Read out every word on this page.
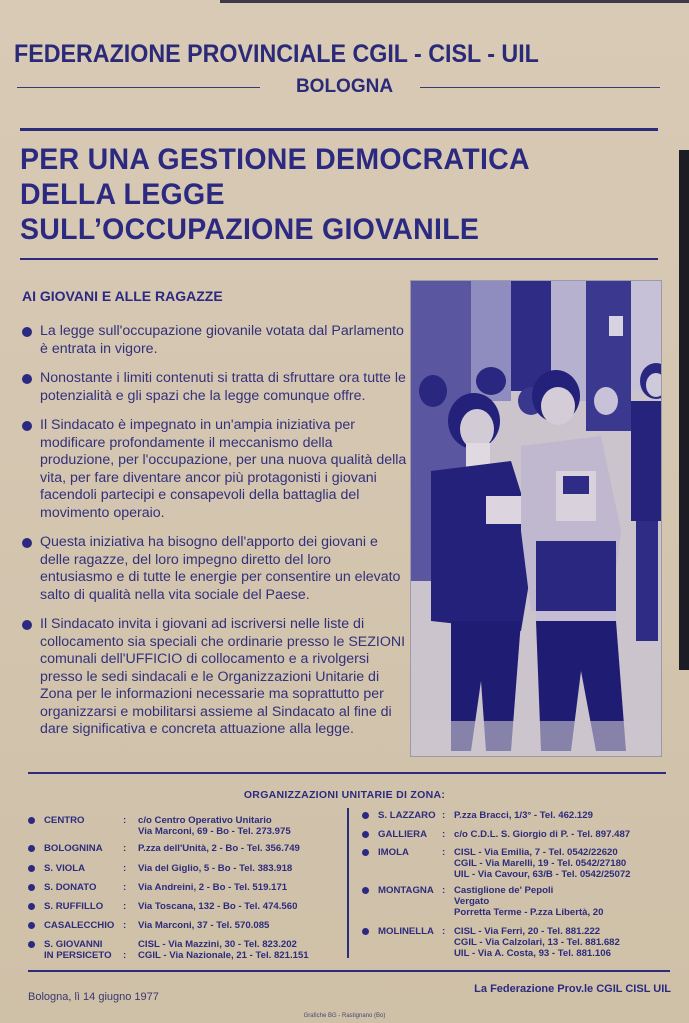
FEDERAZIONE PROVINCIALE CGIL - CISL - UIL
BOLOGNA
PER UNA GESTIONE DEMOCRATICA
DELLA LEGGE
SULL’OCCUPAZIONE GIOVANILE
AI GIOVANI E ALLE RAGAZZE
La legge sull'occupazione giovanile votata dal Parlamento è entrata in vigore.
Nonostante i limiti contenuti si tratta di sfruttare ora tutte le potenzialità e gli spazi che la legge comunque offre.
Il Sindacato è impegnato in un'ampia iniziativa per modificare profondamente il meccanismo della produzione, per l'occupazione, per una nuova qualità della vita, per fare diventare ancor più protagonisti i giovani facendoli partecipi e consapevoli della battaglia del movimento operaio.
Questa iniziativa ha bisogno dell'apporto dei giovani e delle ragazze, del loro impegno diretto del loro entusiasmo e di tutte le energie per consentire un elevato salto di qualità nella vita sociale del Paese.
Il Sindacato invita i giovani ad iscriversi nelle liste di collocamento sia speciali che ordinarie presso le SEZIONI comunali dell'UFFICIO di collocamento e a rivolgersi presso le sedi sindacali e le Organizzazioni Unitarie di Zona per le informazioni necessarie ma soprattutto per organizzarsi e mobilitarsi assieme al Sindacato al fine di dare significativa e concreta attuazione alla legge.
ORGANIZZAZIONI UNITARIE DI ZONA:
CENTRO	: c/o Centro Operativo Unitario
Via Marconi, 69 - Bo - Tel. 273.975
BOLOGNINA : P.zza dell'Unità, 2 - Bo - Tel. 356.749
S. VIOLA	: Via del Giglio, 5 - Bo - Tel. 383.918
S. DONATO	: Via Andreini, 2 - Bo - Tel. 519.171
S. RUFFILLO : Via Toscana, 132 - Bo - Tel. 474.560
CASALECCHIO : Via Marconi, 37 - Tel. 570.085
S. GIOVANNI
IN PERSICETO :
CISL - Via Mazzini, 30 - Tel. 823.202
CGIL - Via Nazionale, 21 - Tel. 821.151
S. LAZZARO : P.zza Bracci, 1/3° - Tel. 462.129
GALLIERA : c/o C.D.L. S. Giorgio di P. - Tel. 897.487
IMOLA	: CISL - Via Emilia, 7 - Tel. 0542/22620
CGIL - Via Marelli, 19 - Tel. 0542/27180
UIL - Via Cavour, 63/B - Tel. 0542/25072
MONTAGNA : Castiglione de' Pepoli
Vergato
Porretta Terme - P.zza Libertà, 20
MOLINELLA : CISL - Via Ferri, 20 - Tel. 881.222
CGIL - Via Calzolari, 13 - Tel. 881.682
UIL - Via A. Costa, 93 - Tel. 881.106
Bologna, lì 14 giugno 1977
La Federazione Prov.le CGIL CISL UIL
Grafiche BG - Rastignano (Bo)
